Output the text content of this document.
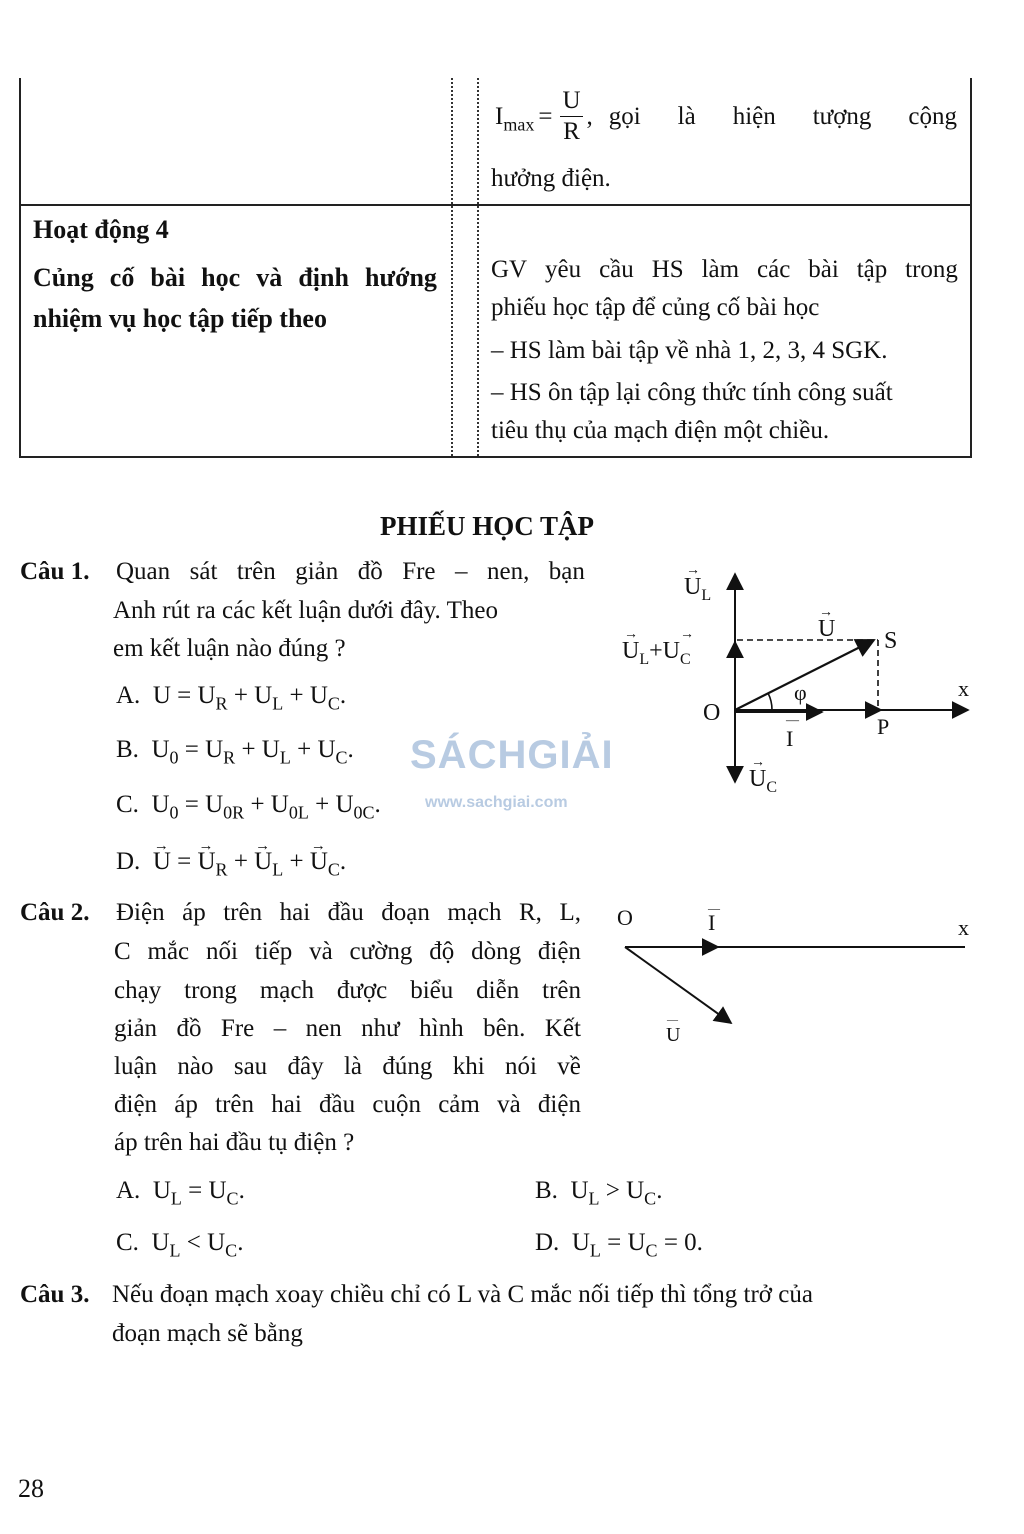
$I_{max} = \frac{U}{R}$ , gọi là hiện tượng cộng
hưởng điện.
Hoạt động 4
Củng cố bài học và định hướng
nhiệm vụ học tập tiếp theo
GV yêu cầu HS làm các bài tập trong
phiếu học tập để củng cố bài học
– HS làm bài tập về nhà 1, 2, 3, 4 SGK.
– HS ôn tập lại công thức tính công suất
tiêu thụ của mạch điện một chiều.
PHIẾU HỌC TẬP
Câu 1. Quan sát trên giản đồ Fre – nen, bạn
Anh rút ra các kết luận dưới đây. Theo
em kết luận nào đúng ?
A. $U = U_R + U_L + U_C$.
B. $U_0 = U_R + U_L + U_C$.
C. $U_0 = U_{0R} + U_{0L} + U_{0C}$.
D.  → U = → $U_R$ + → $U_L$ + → $U_C$.
SÁCHGIẢI
www.sachgiai.com
$U_L$
→
$U_L+U_C$
→	→	U
→
S
φ	x
O
I
—	P
$U_C$
→
Câu 2. Điện áp trên hai đầu đoạn mạch R, L,
C mắc nối tiếp và cường độ dòng điện
chạy trong mạch được biểu diễn trên
giản đồ Fre – nen như hình bên. Kết
luận nào sau đây là đúng khi nói về
điện áp trên hai đầu cuộn cảm và điện
áp trên hai đầu tụ điện ?
A. $U_L = U_C$.	B. $U_L > U_C$.
C. $U_L < U_C$.	D. $U_L = U_C = 0$.
O	I
—
x
U
—
Câu 3. Nếu đoạn mạch xoay chiều chỉ có L và C mắc nối tiếp thì tổng trở của
đoạn mạch sẽ bằng
28
